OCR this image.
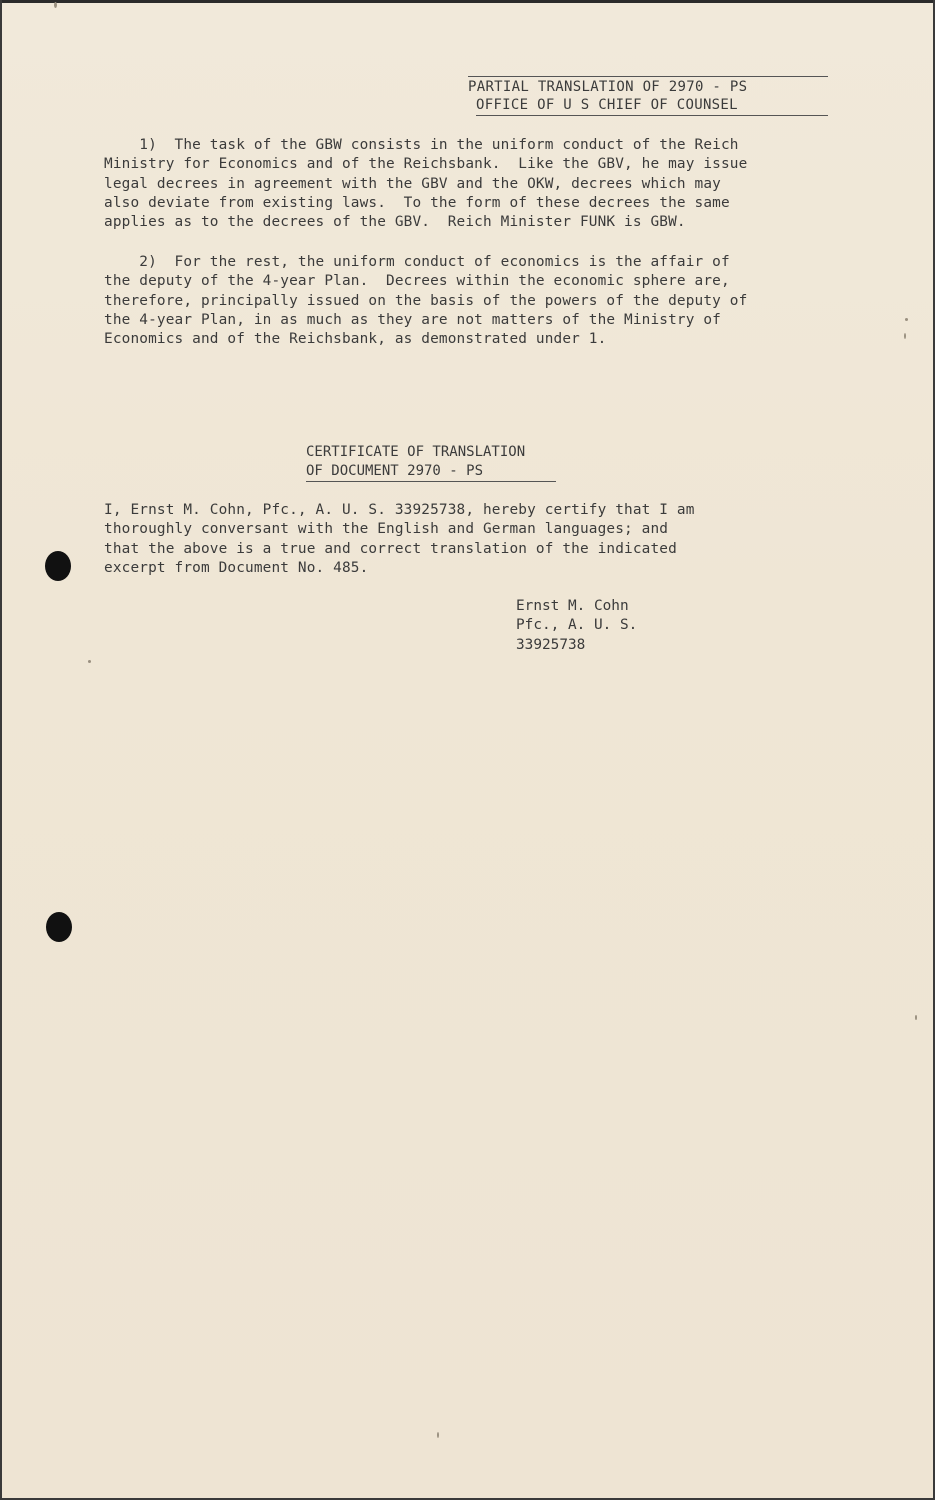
PARTIAL TRANSLATION OF 2970 - PS
OFFICE OF U S CHIEF OF COUNSEL
1)  The task of the GBW consists in the uniform conduct of the Reich
Ministry for Economics and of the Reichsbank.  Like the GBV, he may issue
legal decrees in agreement with the GBV and the OKW, decrees which may
also deviate from existing laws.  To the form of these decrees the same
applies as to the decrees of the GBV.  Reich Minister FUNK is GBW.
2)  For the rest, the uniform conduct of economics is the affair of
the deputy of the 4-year Plan.  Decrees within the economic sphere are,
therefore, principally issued on the basis of the powers of the deputy of
the 4-year Plan, in as much as they are not matters of the Ministry of
Economics and of the Reichsbank, as demonstrated under 1.
CERTIFICATE OF TRANSLATION
OF DOCUMENT 2970 - PS
I, Ernst M. Cohn, Pfc., A. U. S. 33925738, hereby certify that I am
thoroughly conversant with the English and German languages; and
that the above is a true and correct translation of the indicated
excerpt from Document No. 485.
Ernst M. Cohn
Pfc., A. U. S.
33925738
